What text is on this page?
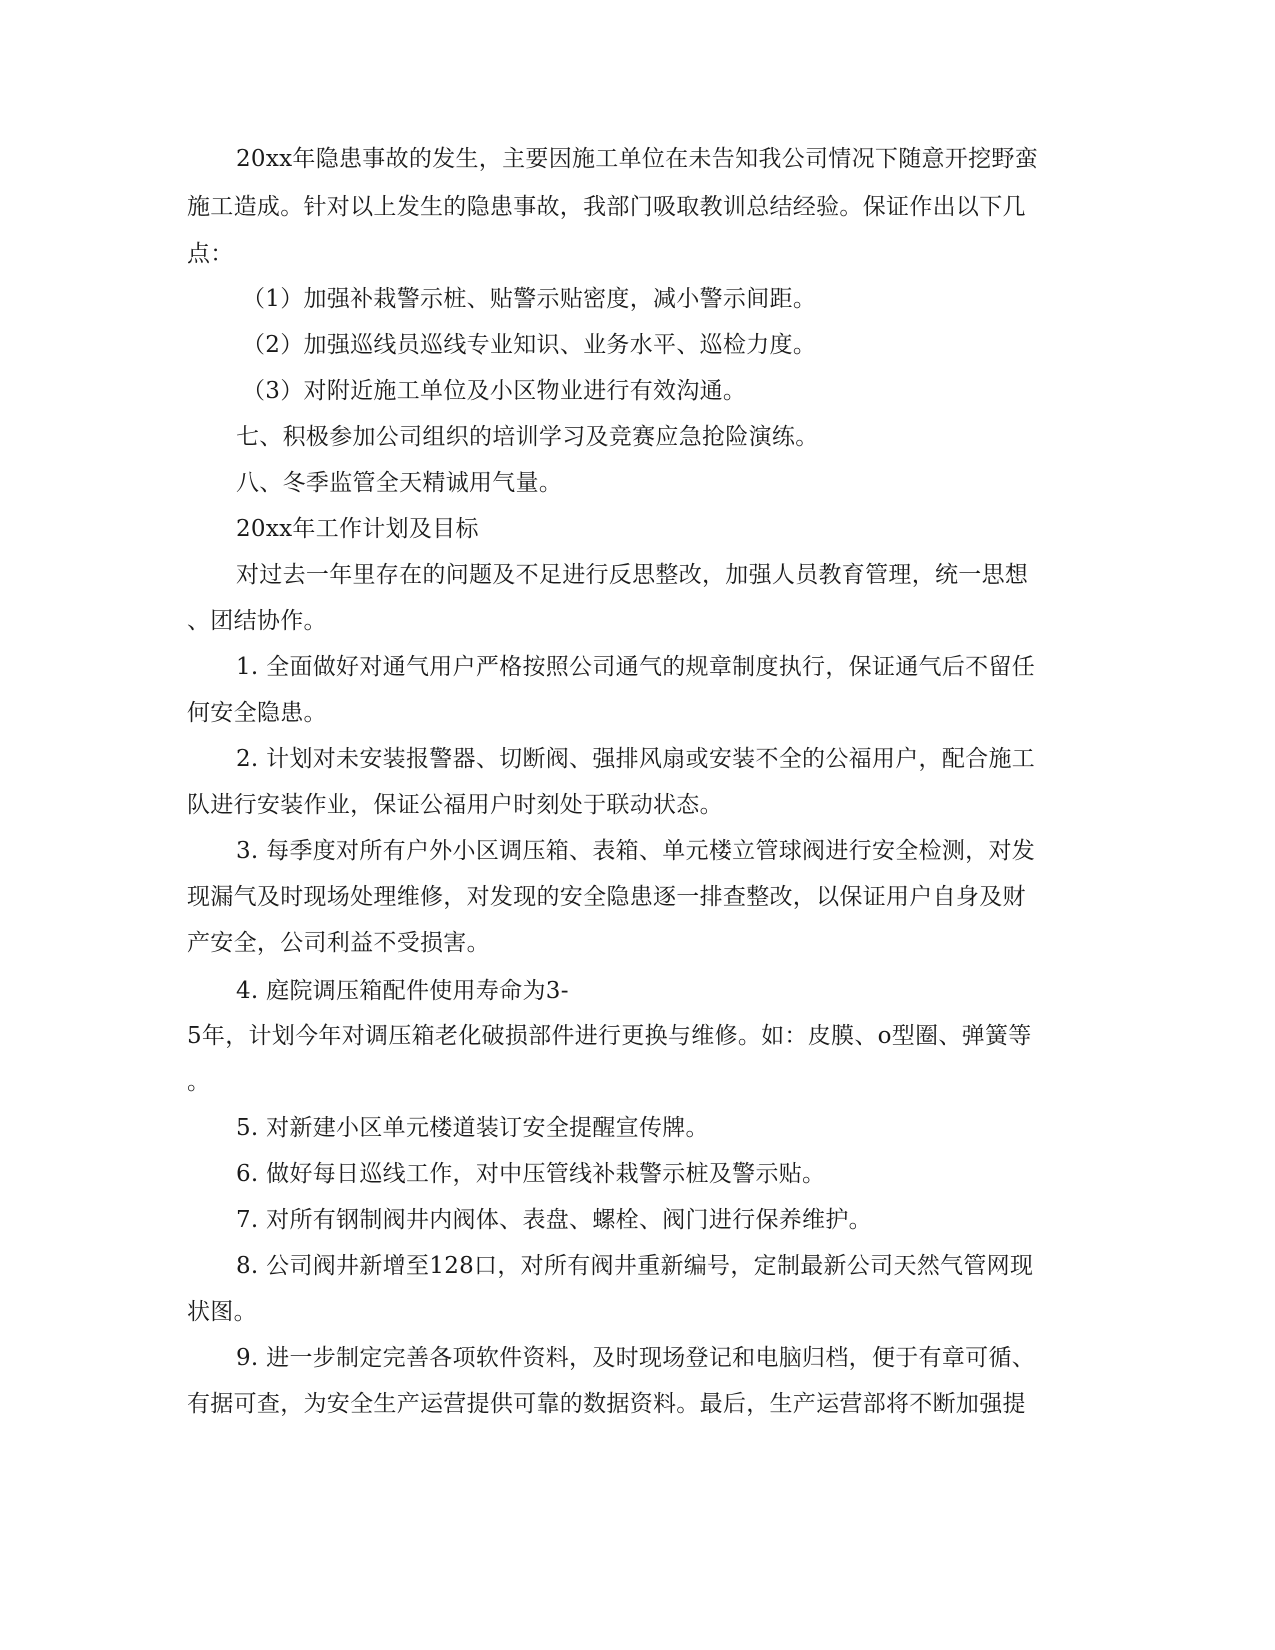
20xx年隐患事故的发生，主要因施工单位在未告知我公司情况下随意开挖野蛮
施工造成。针对以上发生的隐患事故，我部门吸取教训总结经验。保证作出以下几
点：
（1）加强补栽警示桩、贴警示贴密度，减小警示间距。
（2）加强巡线员巡线专业知识、业务水平、巡检力度。
（3）对附近施工单位及小区物业进行有效沟通。
七、积极参加公司组织的培训学习及竞赛应急抢险演练。
八、冬季监管全天精诚用气量。
20xx年工作计划及目标
对过去一年里存在的问题及不足进行反思整改，加强人员教育管理，统一思想
、团结协作。
1. 全面做好对通气用户严格按照公司通气的规章制度执行，保证通气后不留任
何安全隐患。
2. 计划对未安装报警器、切断阀、强排风扇或安装不全的公福用户，配合施工
队进行安装作业，保证公福用户时刻处于联动状态。
3. 每季度对所有户外小区调压箱、表箱、单元楼立管球阀进行安全检测，对发
现漏气及时现场处理维修，对发现的安全隐患逐一排查整改，以保证用户自身及财
产安全，公司利益不受损害。
4. 庭院调压箱配件使用寿命为3-
5年，计划今年对调压箱老化破损部件进行更换与维修。如：皮膜、o型圈、弹簧等
。
5. 对新建小区单元楼道装订安全提醒宣传牌。
6. 做好每日巡线工作，对中压管线补栽警示桩及警示贴。
7. 对所有钢制阀井内阀体、表盘、螺栓、阀门进行保养维护。
8. 公司阀井新增至128口，对所有阀井重新编号，定制最新公司天然气管网现
状图。
9. 进一步制定完善各项软件资料，及时现场登记和电脑归档，便于有章可循、
有据可查，为安全生产运营提供可靠的数据资料。最后，生产运营部将不断加强提
